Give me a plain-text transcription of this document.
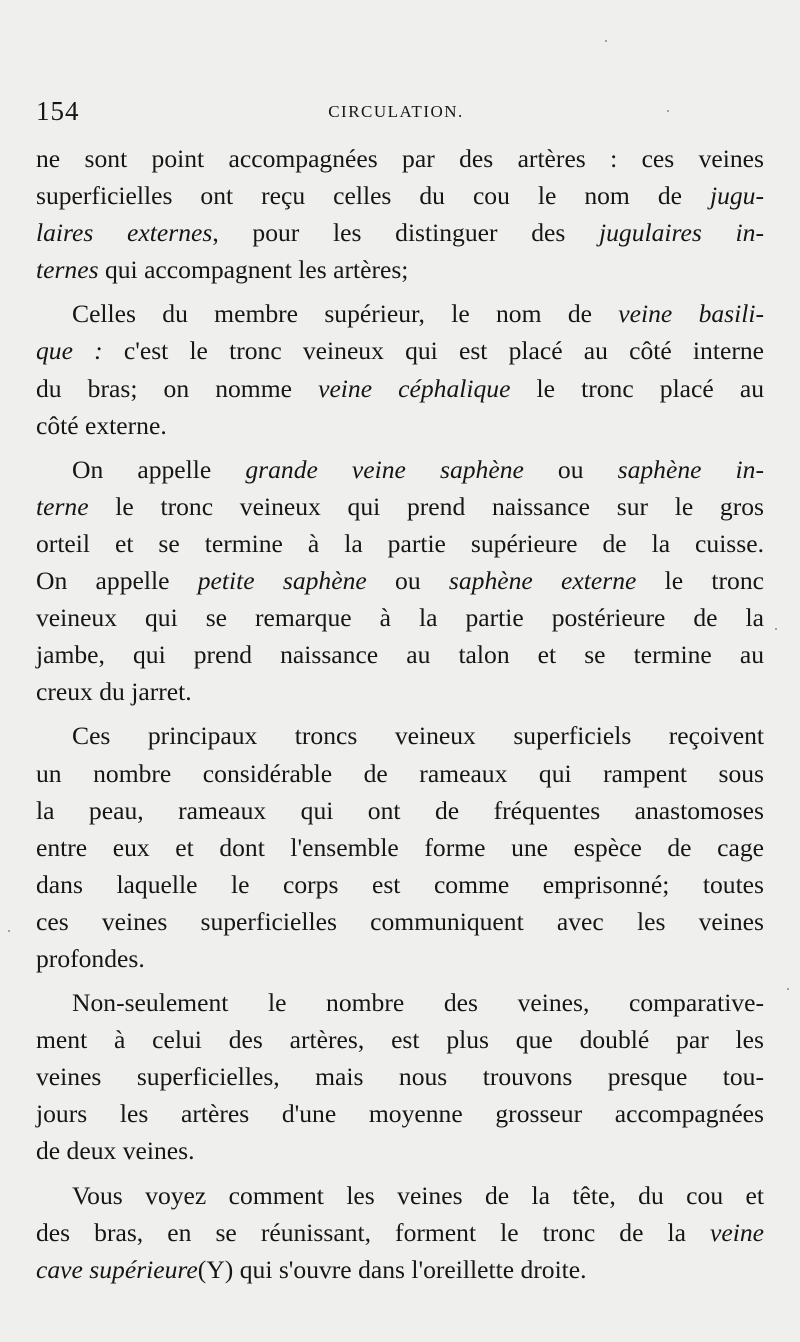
154	CIRCULATION.
ne sont point accompagnées par des artères : ces veines
superficielles ont reçu celles du cou le nom de jugu-
laires externes, pour les distinguer des jugulaires in-
ternes qui accompagnent les artères;
Celles du membre supérieur, le nom de veine basili-
que : c'est le tronc veineux qui est placé au côté interne
du bras; on nomme veine céphalique le tronc placé au
côté externe.
On appelle grande veine saphène ou saphène in-
terne le tronc veineux qui prend naissance sur le gros
orteil et se termine à la partie supérieure de la cuisse.
On appelle petite saphène ou saphène externe le tronc
veineux qui se remarque à la partie postérieure de la
jambe, qui prend naissance au talon et se termine au
creux du jarret.
Ces principaux troncs veineux superficiels reçoivent
un nombre considérable de rameaux qui rampent sous
la peau, rameaux qui ont de fréquentes anastomoses
entre eux et dont l'ensemble forme une espèce de cage
dans laquelle le corps est comme emprisonné; toutes
ces veines superficielles communiquent avec les veines
profondes.
Non-seulement le nombre des veines, comparative-
ment à celui des artères, est plus que doublé par les
veines superficielles, mais nous trouvons presque tou-
jours les artères d'une moyenne grosseur accompagnées
de deux veines.
Vous voyez comment les veines de la tête, du cou et
des bras, en se réunissant, forment le tronc de la veine
cave supérieure(Y) qui s'ouvre dans l'oreillette droite.
